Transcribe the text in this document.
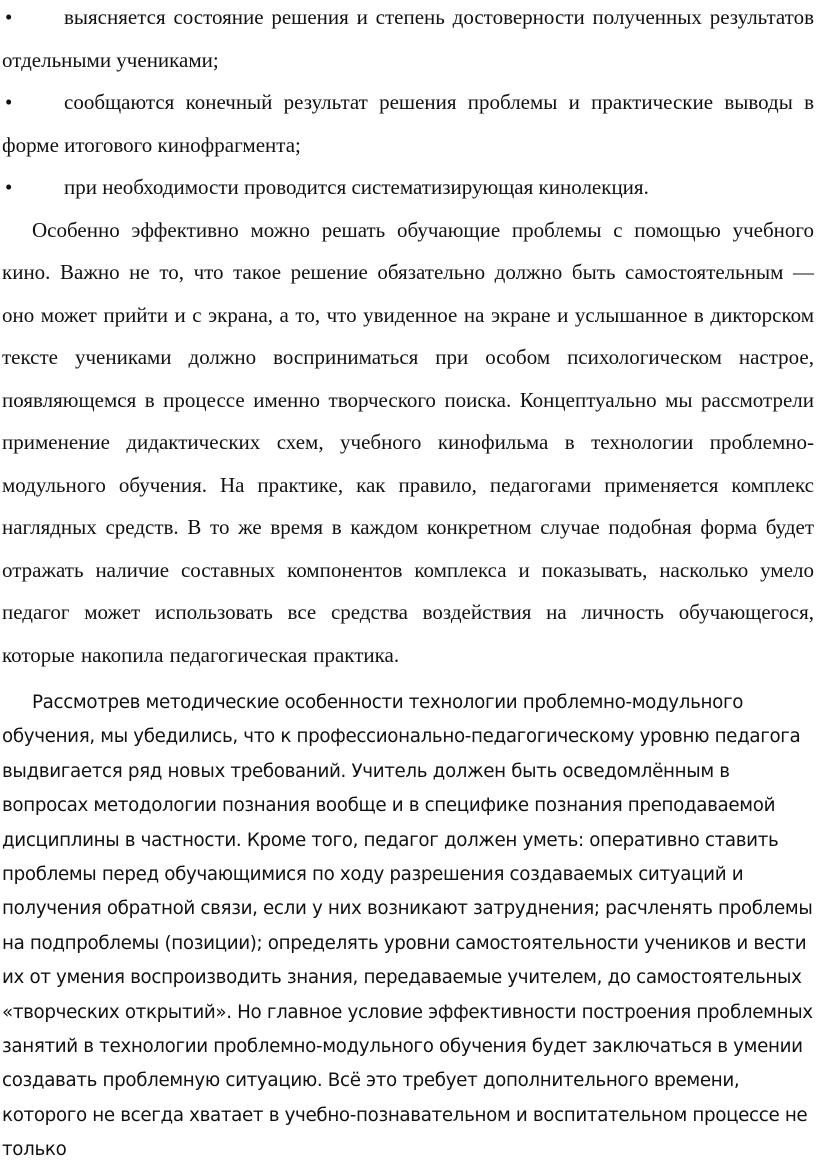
• выясняется состояние решения и степень достоверности полученных результатов отдельными учениками;

• сообщаются конечный результат решения проблемы и практические выводы в форме итогового кинофрагмента;

• при необходимости проводится систематизирующая кинолекция.

Особенно эффективно можно решать обучающие проблемы с помощью учебного кино. Важно не то, что такое решение обязательно должно быть самостоятельным — оно может прийти и с экрана, а то, что увиденное на экране и услышанное в дикторском тексте учениками должно восприниматься при особом психологическом настрое, появляющемся в процессе именно творческого поиска. Концептуально мы рассмотрели применение дидактических схем, учебного кинофильма в технологии проблемно-модульного обучения. На практике, как правило, педагогами применяется комплекс наглядных средств. В то же время в каждом конкретном случае подобная форма будет отражать наличие составных компонентов комплекса и показывать, насколько умело педагог может использовать все средства воздействия на личность обучающегося, которые накопила педагогическая практика.

Рассмотрев методические особенности технологии проблемно-модульного обучения, мы убедились, что к профессионально-педагогическому уровню педагога выдвигается ряд новых требований. Учитель должен быть осведомлённым в вопросах методологии познания вообще и в специфике познания преподаваемой дисциплины в частности. Кроме того, педагог должен уметь: оперативно ставить проблемы перед обучающимися по ходу разрешения создаваемых ситуаций и получения обратной связи, если у них возникают затруднения; расчленять проблемы на подпроблемы (позиции); определять уровни самостоятельности учеников и вести их от умения воспроизводить знания, передаваемые учителем, до самостоятельных «творческих открытий». Но главное условие эффективности построения проблемных занятий в технологии проблемно-модульного обучения будет заключаться в умении создавать проблемную ситуацию. Всё это требует дополнительного времени, которого не всегда хватает в учебно-познавательном и воспитательном процессе не только
